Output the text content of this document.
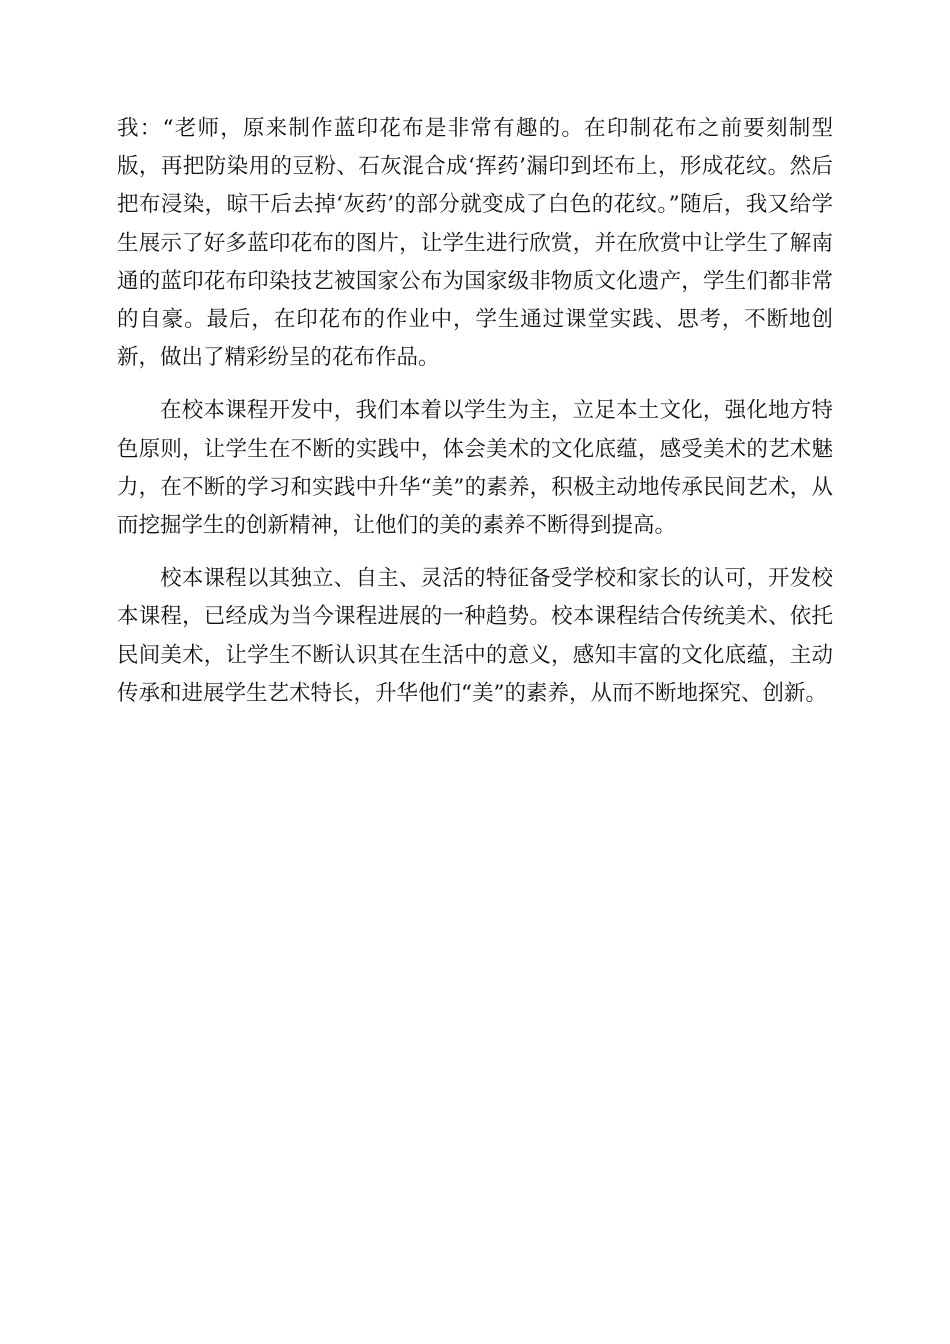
我：“老师，原来制作蓝印花布是非常有趣的。在印制花布之前要刻制型版，再把防染用的豆粉、石灰混合成‘挥药’漏印到坯布上，形成花纹。然后把布浸染，晾干后去掉‘灰药’的部分就变成了白色的花纹。”随后，我又给学生展示了好多蓝印花布的图片，让学生进行欣赏，并在欣赏中让学生了解南通的蓝印花布印染技艺被国家公布为国家级非物质文化遗产，学生们都非常的自豪。最后，在印花布的作业中，学生通过课堂实践、思考，不断地创新，做出了精彩纷呈的花布作品。

在校本课程开发中，我们本着以学生为主，立足本土文化，强化地方特色原则，让学生在不断的实践中，体会美术的文化底蕴，感受美术的艺术魅力，在不断的学习和实践中升华“美”的素养，积极主动地传承民间艺术，从而挖掘学生的创新精神，让他们的美的素养不断得到提高。

校本课程以其独立、自主、灵活的特征备受学校和家长的认可，开发校本课程，已经成为当今课程进展的一种趋势。校本课程结合传统美术、依托民间美术，让学生不断认识其在生活中的意义，感知丰富的文化底蕴，主动传承和进展学生艺术特长，升华他们“美”的素养，从而不断地探究、创新。
